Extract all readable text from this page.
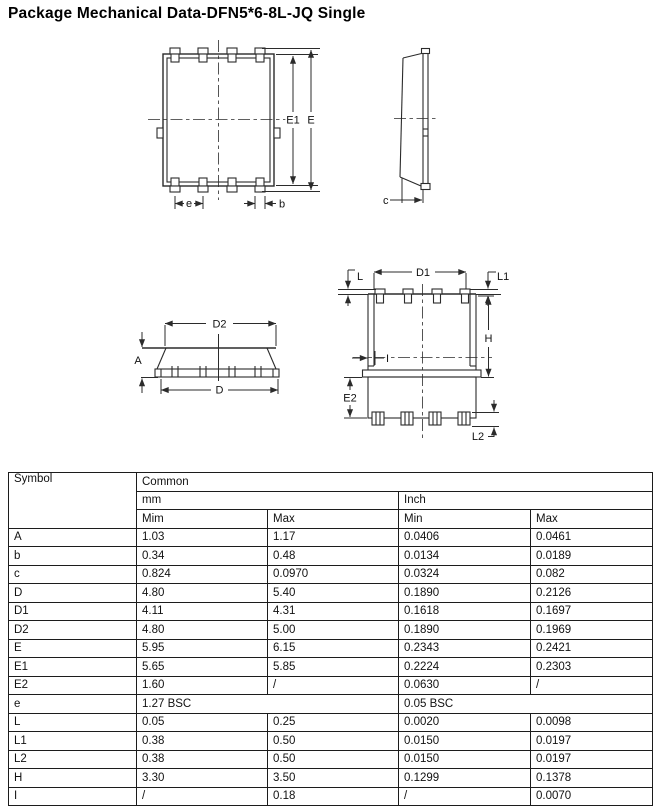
Package Mechanical Data-DFN5*6-8L-JQ Single
E1 E
e	b	c
D2
A
D
D1
L	L1
H
I
E2
L2
Symbol	Common			
	mm		Inch	
	Mim	Max	Min	Max
A	1.03	1.17	0.0406	0.0461
b	0.34	0.48	0.0134	0.0189
c	0.824	0.0970	0.0324	0.082
D	4.80	5.40	0.1890	0.2126
D1	4.11	4.31	0.1618	0.1697
D2	4.80	5.00	0.1890	0.1969
E	5.95	6.15	0.2343	0.2421
E1	5.65	5.85	0.2224	0.2303
E2	1.60	/	0.0630	/
e	1.27 BSC		0.05 BSC	
L	0.05	0.25	0.0020	0.0098
L1	0.38	0.50	0.0150	0.0197
L2	0.38	0.50	0.0150	0.0197
H	3.30	3.50	0.1299	0.1378
I	/	0.18	/	0.0070
